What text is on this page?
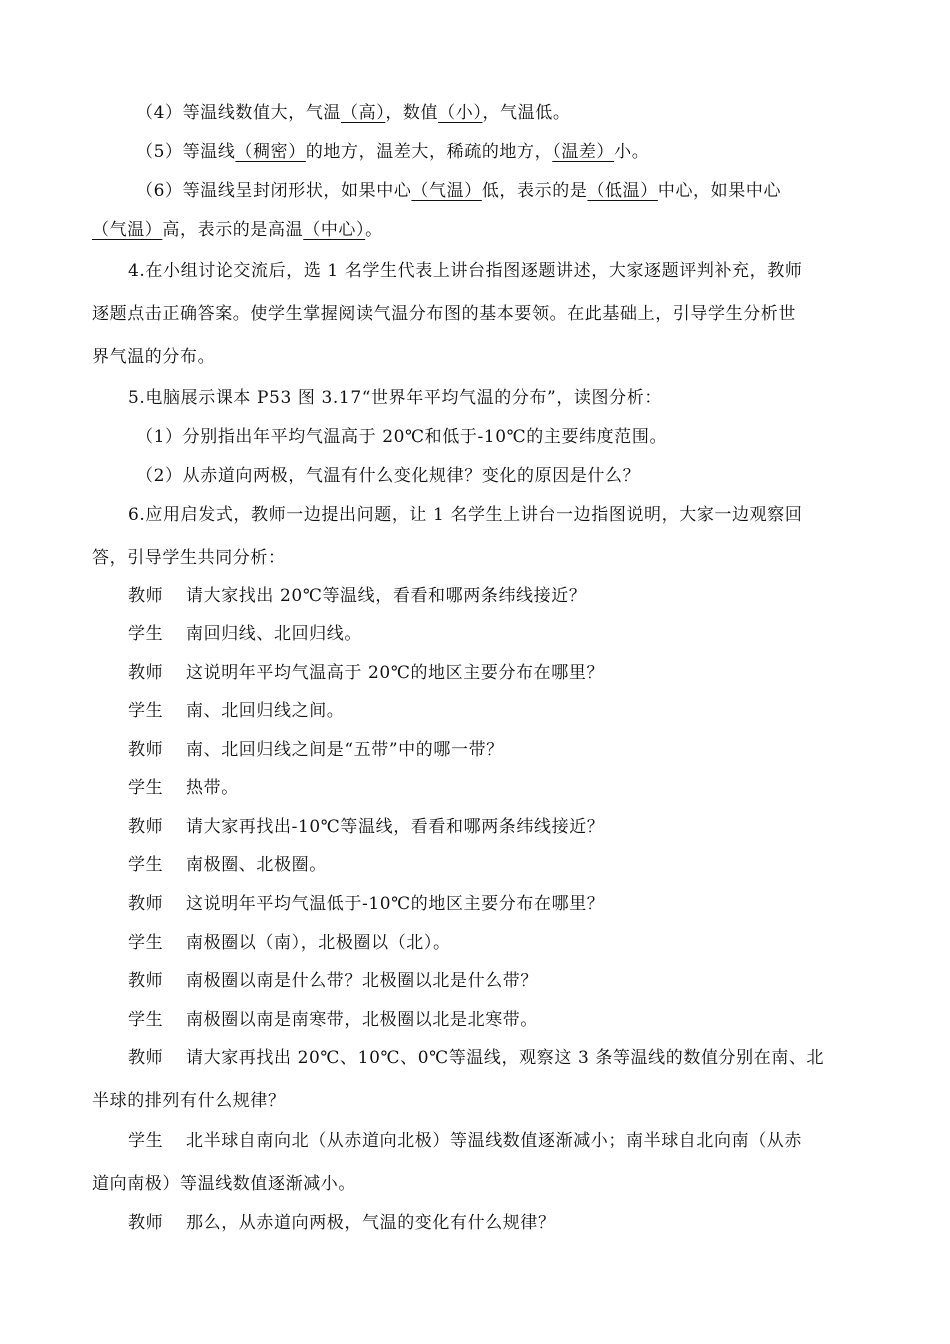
（4）等温线数值大，气温（高），数值（小），气温低。
（5）等温线（稠密）的地方，温差大，稀疏的地方，（温差）小。
（6）等温线呈封闭形状，如果中心（气温）低，表示的是（低温）中心，如果中心
（气温）高，表示的是高温（中心）。
4.在小组讨论交流后，选 1 名学生代表上讲台指图逐题讲述，大家逐题评判补充，教师
逐题点击正确答案。使学生掌握阅读气温分布图的基本要领。在此基础上，引导学生分析世
界气温的分布。
5.电脑展示课本 P53 图 3.17“世界年平均气温的分布”，读图分析：
（1）分别指出年平均气温高于 20℃和低于-10℃的主要纬度范围。
（2）从赤道向两极，气温有什么变化规律？变化的原因是什么？
6.应用启发式，教师一边提出问题，让 1 名学生上讲台一边指图说明，大家一边观察回
答，引导学生共同分析：
教师 请大家找出 20℃等温线，看看和哪两条纬线接近？
学生 南回归线、北回归线。
教师 这说明年平均气温高于 20℃的地区主要分布在哪里？
学生 南、北回归线之间。
教师 南、北回归线之间是“五带”中的哪一带？
学生 热带。
教师 请大家再找出-10℃等温线，看看和哪两条纬线接近？
学生 南极圈、北极圈。
教师 这说明年平均气温低于-10℃的地区主要分布在哪里？
学生 南极圈以（南），北极圈以（北）。
教师 南极圈以南是什么带？北极圈以北是什么带？
学生 南极圈以南是南寒带，北极圈以北是北寒带。
教师 请大家再找出 20℃、10℃、0℃等温线，观察这 3 条等温线的数值分别在南、北
半球的排列有什么规律？
学生 北半球自南向北（从赤道向北极）等温线数值逐渐减小；南半球自北向南（从赤
道向南极）等温线数值逐渐减小。
教师 那么，从赤道向两极，气温的变化有什么规律？
